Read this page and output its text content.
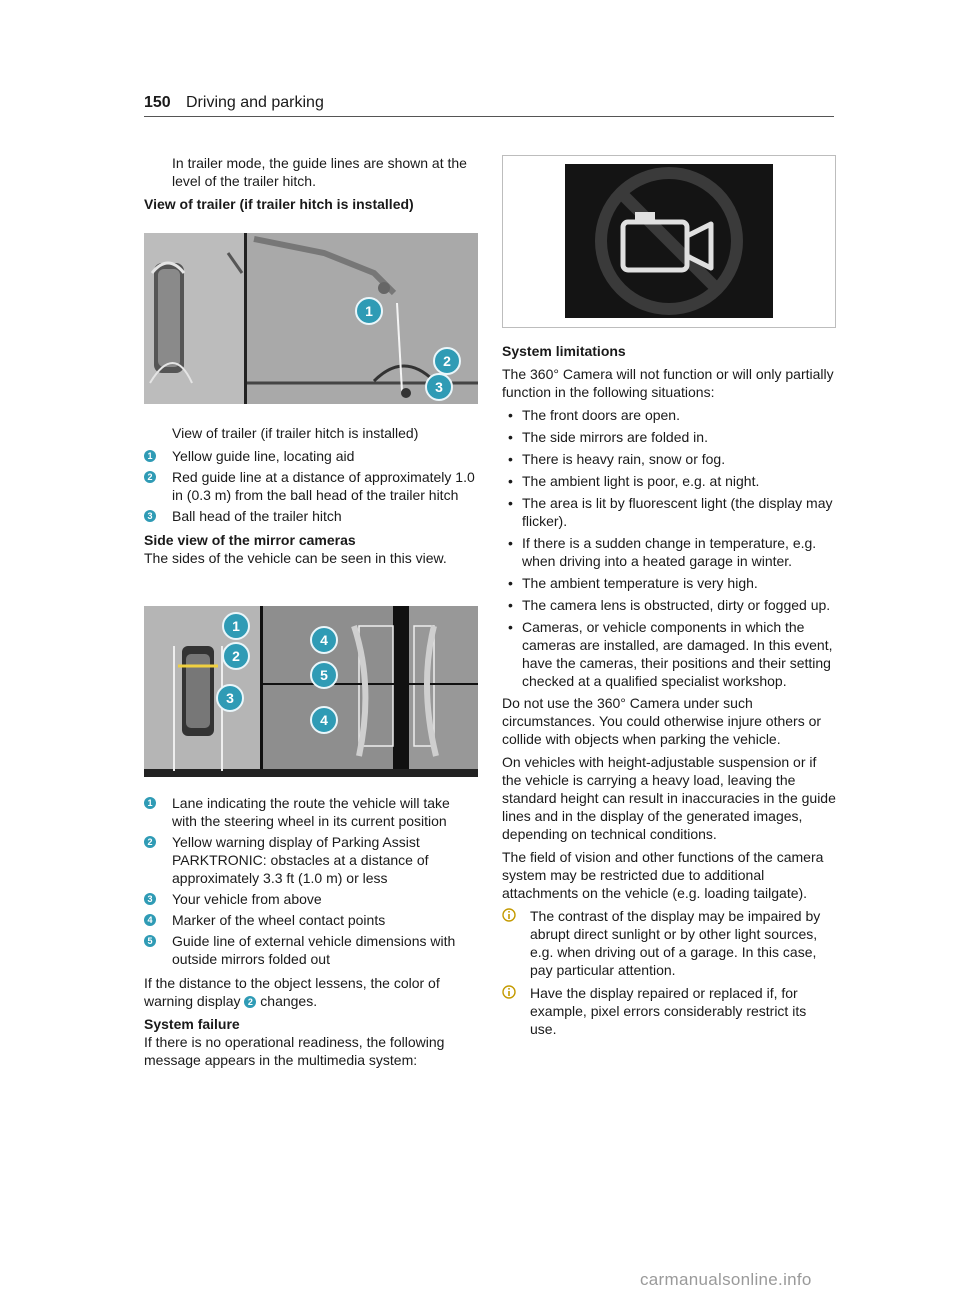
150 Driving and parking

In trailer mode, the guide lines are shown at the level of the trailer hitch.

View of trailer (if trailer hitch is installed)

1
2
3

View of trailer (if trailer hitch is installed)

1 Yellow guide line, locating aid
2 Red guide line at a distance of approximately 1.0 in (0.3 m) from the ball head of the trailer hitch
3 Ball head of the trailer hitch

Side view of the mirror cameras

The sides of the vehicle can be seen in this view.

1
2
3
4
5
4
1 Lane indicating the route the vehicle will take with the steering wheel in its current position
2 Yellow warning display of Parking Assist PARKTRONIC: obstacles at a distance of approximately 3.3 ft (1.0 m) or less
3 Your vehicle from above
4 Marker of the wheel contact points
5 Guide line of external vehicle dimensions with outside mirrors folded out

If the distance to the object lessens, the color of warning display 2 changes.

System failure

If there is no operational readiness, the following message appears in the multimedia system:

System limitations

The 360° Camera will not function or will only partially function in the following situations:

• The front doors are open.
• The side mirrors are folded in.
• There is heavy rain, snow or fog.
• The ambient light is poor, e.g. at night.
• The area is lit by fluorescent light (the display may flicker).
• If there is a sudden change in temperature, e.g. when driving into a heated garage in winter.
• The ambient temperature is very high.
• The camera lens is obstructed, dirty or fogged up.
• Cameras, or vehicle components in which the cameras are installed, are damaged. In this event, have the cameras, their positions and their setting checked at a qualified specialist workshop.

Do not use the 360° Camera under such circumstances. You could otherwise injure others or collide with objects when parking the vehicle.

On vehicles with height-adjustable suspension or if the vehicle is carrying a heavy load, leaving the standard height can result in inaccuracies in the guide lines and in the display of the generated images, depending on technical conditions.

The field of vision and other functions of the camera system may be restricted due to additional attachments on the vehicle (e.g. loading tailgate).

The contrast of the display may be impaired by abrupt direct sunlight or by other light sources, e.g. when driving out of a garage. In this case, pay particular attention.
Have the display repaired or replaced if, for example, pixel errors considerably restrict its use.
carmanualsonline.info
